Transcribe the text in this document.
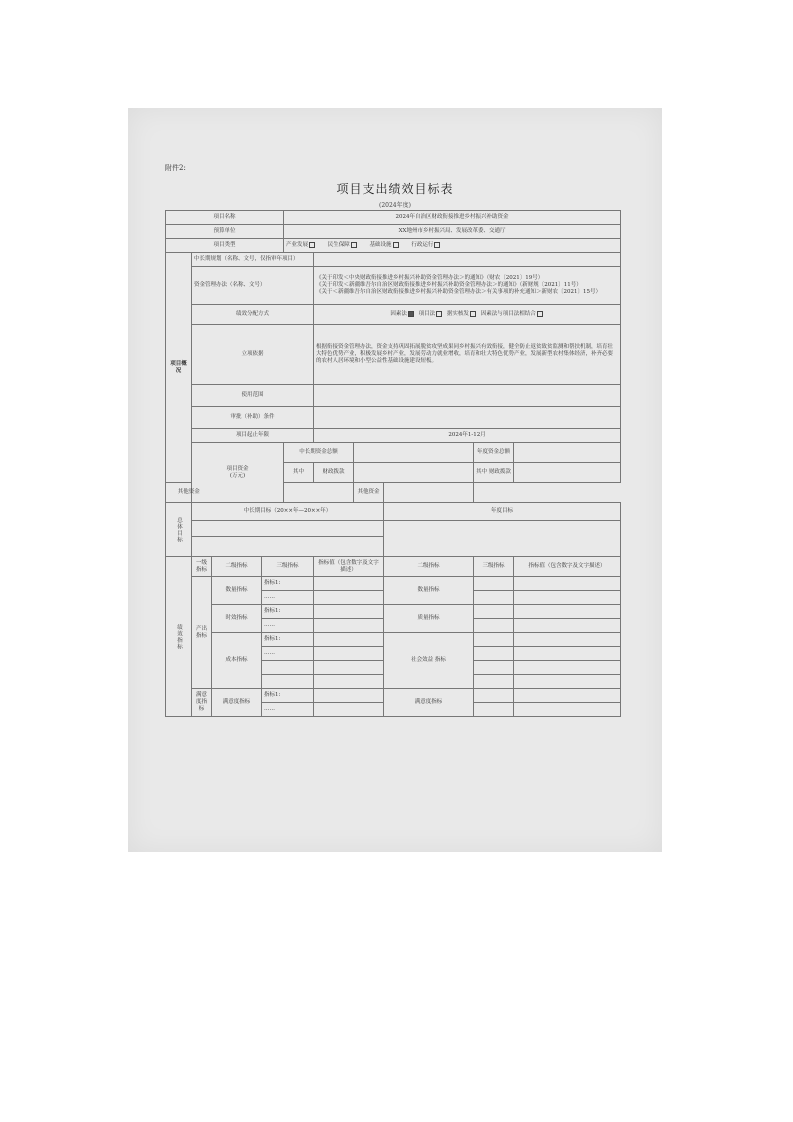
附件2:
项目支出绩效目标表
(2024年度)
项目名称				2024年自治区财政衔接推进乡村振兴补助资金					
预算单位				XX地州市乡村振兴局、发展改革委、交通厅					
项目类型				产业发展 民生保障 基础设施 行政运行					
项目概况	中长期规划（名称、文号，仅指审年项目）								
	资金管理办法（名称、文号）				《关于印发＜中央财政衔接推进乡村振兴补助资金管理办法＞的通知》（财农〔2021〕19号）
《关于印发＜新疆维吾尔自治区财政衔接推进乡村振兴补助资金管理办法＞的通知》（新财规〔2021〕11号）
《关于＜新疆维吾尔自治区财政衔接推进乡村振兴补助资金管理办法＞有关事项的补充通知＞新财农〔2021〕15号）				

	绩效分配方式				因素法 项目法 据实核发 因素法与项目法相结合				
	立项依据				根据衔接资金管理办法，资金支持巩固拓展脱贫攻坚成果同乡村振兴有效衔接，健全防止返贫致贫监测和帮扶机制，培育壮大特色优势产业，积极发展乡村产业，发展劳动力就业增收，培育和壮大特色优势产业，发展新型农村集体经济，补齐必要的农村人居环境和小型公益性基础设施建设短板。				
	使用范围								
	审批（补助）条件								
	项目起止年限				2024年1-12月				
	项目资金
(万元)			中长期资金总额				年度资金总额	
				其中	财政拨款			其中 财政拨款	
其他资金						其他资金			
总体目标	中长期目标（20××年—20××年）						年度目标		

绩效指标	一级指标	二级指标	三级指标		指标值（包含数字及文字描述）		二级指标	三级指标	指标值（包含数字及文字描述）
	产出指标	数量指标	指标1:				数量指标		
			……						
		时效指标	指标1:				质量指标		
			……						
		成本指标	指标1:				社会效益 指标		
			……						

	满意度指标	满意度指标	指标1:				满意度指标		
			……						
